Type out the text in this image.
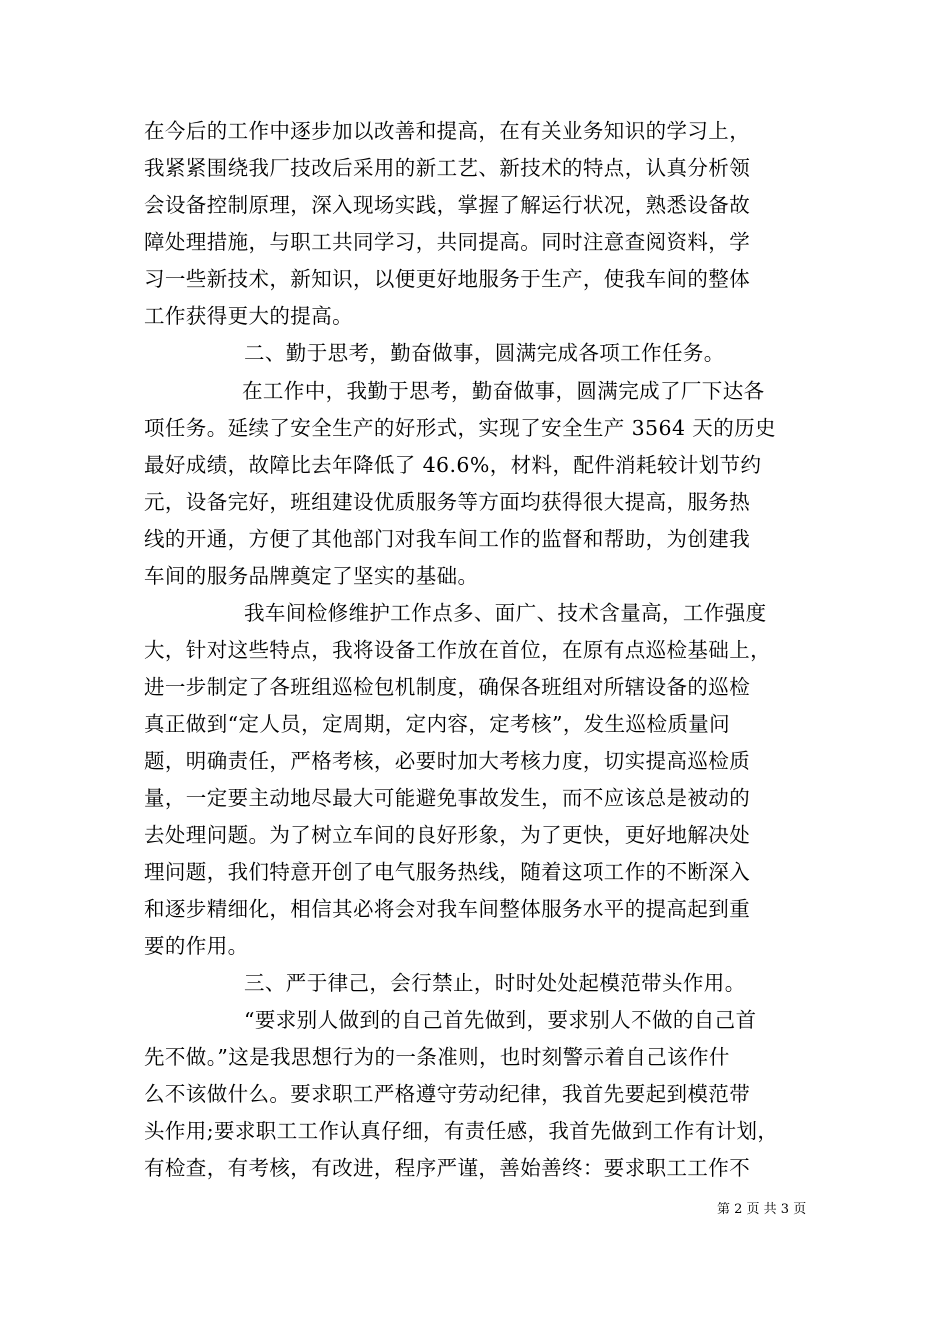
在今后的工作中逐步加以改善和提高，在有关业务知识的学习上，
我紧紧围绕我厂技改后采用的新工艺、新技术的特点，认真分析领
会设备控制原理，深入现场实践，掌握了解运行状况，熟悉设备故
障处理措施，与职工共同学习，共同提高。同时注意查阅资料，学
习一些新技术，新知识，以便更好地服务于生产，使我车间的整体
工作获得更大的提高。
二、勤于思考，勤奋做事，圆满完成各项工作任务。
在工作中，我勤于思考，勤奋做事，圆满完成了厂下达各
项任务。延续了安全生产的好形式，实现了安全生产 3564 天的历史
最好成绩，故障比去年降低了 46.6%，材料，配件消耗较计划节约
元，设备完好，班组建设优质服务等方面均获得很大提高，服务热
线的开通，方便了其他部门对我车间工作的监督和帮助，为创建我
车间的服务品牌奠定了坚实的基础。
我车间检修维护工作点多、面广、技术含量高，工作强度
大，针对这些特点，我将设备工作放在首位，在原有点巡检基础上，
进一步制定了各班组巡检包机制度，确保各班组对所辖设备的巡检
真正做到“定人员，定周期，定内容，定考核”，发生巡检质量问
题，明确责任，严格考核，必要时加大考核力度，切实提高巡检质
量，一定要主动地尽最大可能避免事故发生，而不应该总是被动的
去处理问题。为了树立车间的良好形象，为了更快，更好地解决处
理问题，我们特意开创了电气服务热线，随着这项工作的不断深入
和逐步精细化，相信其必将会对我车间整体服务水平的提高起到重
要的作用。
三、严于律己，会行禁止，时时处处起模范带头作用。
“要求别人做到的自己首先做到，要求别人不做的自己首
先不做。”这是我思想行为的一条准则，也时刻警示着自己该作什
么不该做什么。要求职工严格遵守劳动纪律，我首先要起到模范带
头作用;要求职工工作认真仔细，有责任感，我首先做到工作有计划，
有检查，有考核，有改进，程序严谨，善始善终：要求职工工作不
第 2 页 共 3 页
